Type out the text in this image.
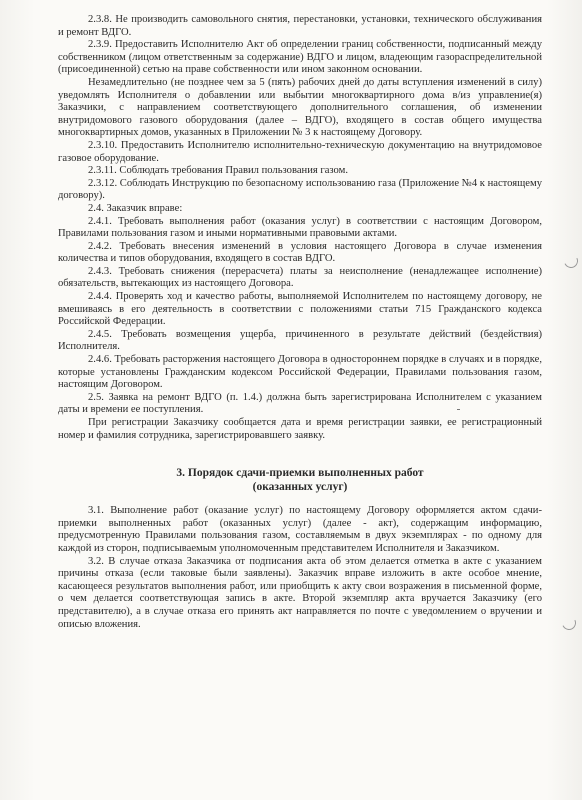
2.3.8. Не производить самовольного снятия, перестановки, установки, технического обслуживания и ремонт ВДГО.

2.3.9. Предоставить Исполнителю Акт об определении границ собственности, подписанный между собственником (лицом ответственным за содержание) ВДГО и лицом, владеющим газораспределительной (присоединенной) сетью на праве собственности или ином законном основании.

Незамедлительно (не позднее чем за 5 (пять) рабочих дней до даты вступления изменений в силу) уведомлять Исполнителя о добавлении или выбытии многоквартирного дома в/из управление(я) Заказчики, с направлением соответствующего дополнительного соглашения, об изменении внутридомового газового оборудования (далее – ВДГО), входящего в состав общего имущества многоквартирных домов, указанных в Приложении № 3 к настоящему Договору.

2.3.10. Предоставить Исполнителю исполнительно-техническую документацию на внутридомовое газовое оборудование.

2.3.11. Соблюдать требования Правил пользования газом.

2.3.12. Соблюдать Инструкцию по безопасному использованию газа (Приложение №4 к настоящему договору).

2.4. Заказчик вправе:

2.4.1. Требовать выполнения работ (оказания услуг) в соответствии с настоящим Договором, Правилами пользования газом и иными нормативными правовыми актами.

2.4.2. Требовать внесения изменений в условия настоящего Договора в случае изменения количества и типов оборудования, входящего в состав ВДГО.

2.4.3. Требовать снижения (перерасчета) платы за неисполнение (ненадлежащее исполнение) обязательств, вытекающих из настоящего Договора.

2.4.4. Проверять ход и качество работы, выполняемой Исполнителем по настоящему договору, не вмешиваясь в его деятельность в соответствии с положениями статьи 715 Гражданского кодекса Российской Федерации.

2.4.5. Требовать возмещения ущерба, причиненного в результате действий (бездействия) Исполнителя.

2.4.6. Требовать расторжения настоящего Договора в одностороннем порядке в случаях и в порядке, которые установлены Гражданским кодексом Российской Федерации, Правилами пользования газом, настоящим Договором.

2.5. Заявка на ремонт ВДГО (п. 1.4.) должна быть зарегистрирована Исполнителем с указанием даты и времени ее поступления.

При регистрации Заказчику сообщается дата и время регистрации заявки, ее регистрационный номер и фамилия сотрудника, зарегистрировавшего заявку.

3. Порядок сдачи-приемки выполненных работ

(оказанных услуг)

3.1. Выполнение работ (оказание услуг) по настоящему Договору оформляется актом сдачи-приемки выполненных работ (оказанных услуг) (далее - акт), содержащим информацию, предусмотренную Правилами пользования газом, составляемым в двух экземплярах - по одному для каждой из сторон, подписываемым уполномоченным представителем Исполнителя и Заказчиком.

3.2. В случае отказа Заказчика от подписания акта об этом делается отметка в акте с указанием причины отказа (если таковые были заявлены). Заказчик вправе изложить в акте особое мнение, касающееся результатов выполнения работ, или приобщить к акту свои возражения в письменной форме, о чем делается соответствующая запись в акте. Второй экземпляр акта вручается Заказчику (его представителю), а в случае отказа его принять акт направляется по почте с уведомлением о вручении и описью вложения.
